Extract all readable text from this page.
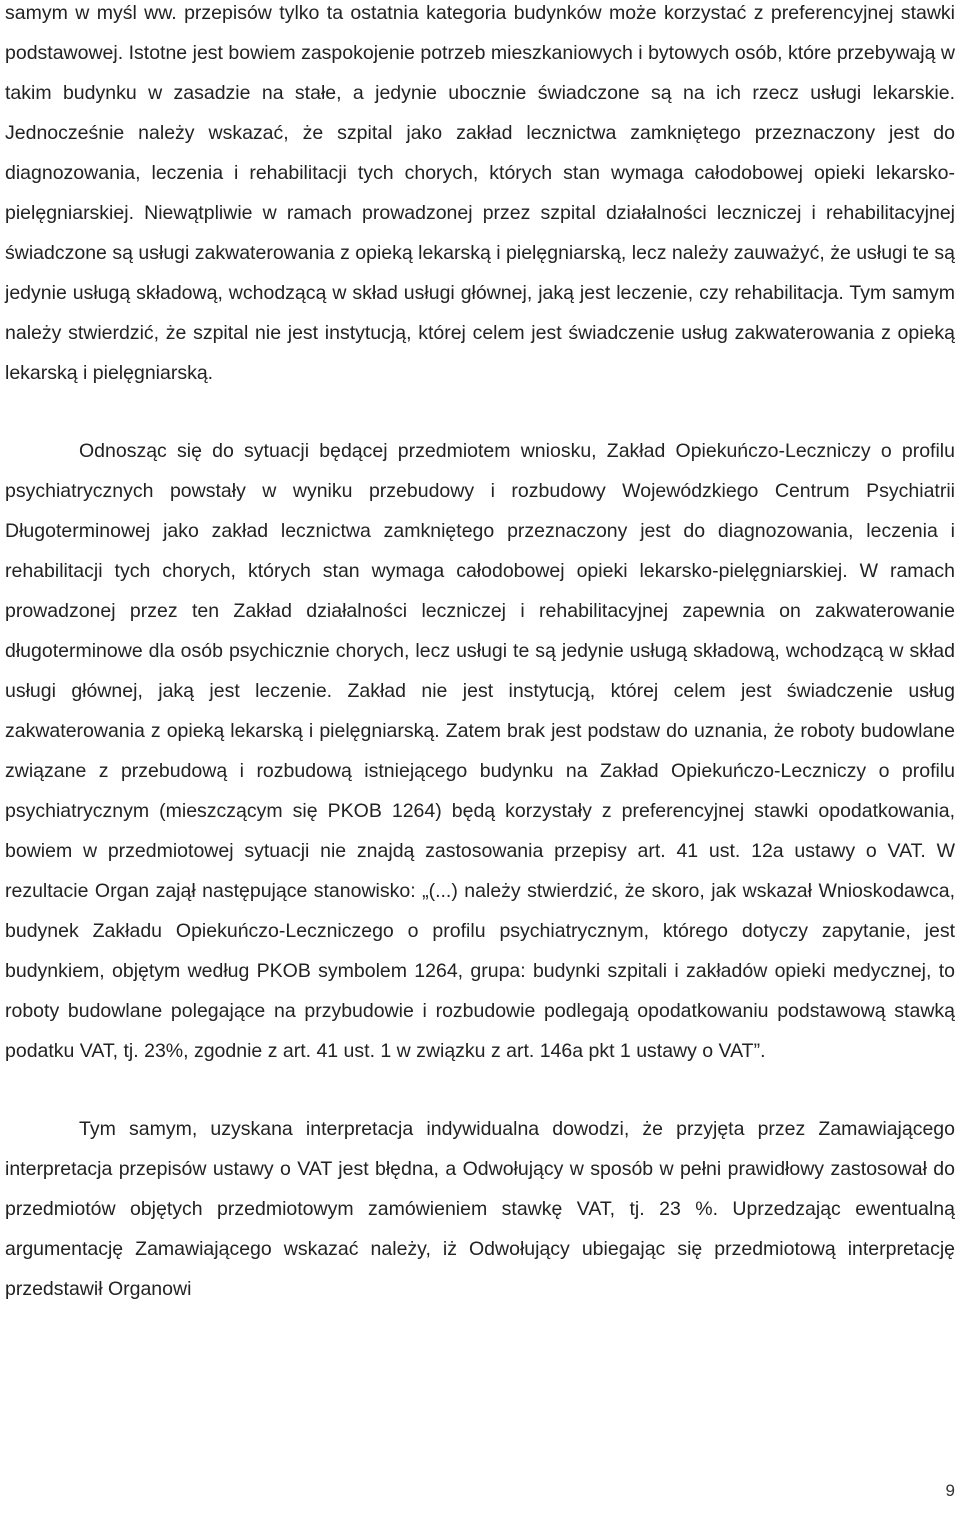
samym w myśl ww. przepisów tylko ta ostatnia kategoria budynków może korzystać z preferencyjnej stawki podstawowej. Istotne jest bowiem zaspokojenie potrzeb mieszkaniowych i bytowych osób, które przebywają w takim budynku w zasadzie na stałe, a jedynie ubocznie świadczone są na ich rzecz usługi lekarskie. Jednocześnie należy wskazać, że szpital jako zakład lecznictwa zamkniętego przeznaczony jest do diagnozowania, leczenia i rehabilitacji tych chorych, których stan wymaga całodobowej opieki lekarsko-pielęgniarskiej. Niewątpliwie w ramach prowadzonej przez szpital działalności leczniczej i rehabilitacyjnej świadczone są usługi zakwaterowania z opieką lekarską i pielęgniarską, lecz należy zauważyć, że usługi te są jedynie usługą składową, wchodzącą w skład usługi głównej, jaką jest leczenie, czy rehabilitacja. Tym samym należy stwierdzić, że szpital nie jest instytucją, której celem jest świadczenie usług zakwaterowania z opieką lekarską i pielęgniarską.

Odnosząc się do sytuacji będącej przedmiotem wniosku, Zakład Opiekuńczo-Leczniczy o profilu psychiatrycznych powstały w wyniku przebudowy i rozbudowy Wojewódzkiego Centrum Psychiatrii Długoterminowej jako zakład lecznictwa zamkniętego przeznaczony jest do diagnozowania, leczenia i rehabilitacji tych chorych, których stan wymaga całodobowej opieki lekarsko-pielęgniarskiej. W ramach prowadzonej przez ten Zakład działalności leczniczej i rehabilitacyjnej zapewnia on zakwaterowanie długoterminowe dla osób psychicznie chorych, lecz usługi te są jedynie usługą składową, wchodzącą w skład usługi głównej, jaką jest leczenie. Zakład nie jest instytucją, której celem jest świadczenie usług zakwaterowania z opieką lekarską i pielęgniarską. Zatem brak jest podstaw do uznania, że roboty budowlane związane z przebudową i rozbudową istniejącego budynku na Zakład Opiekuńczo-Leczniczy o profilu psychiatrycznym (mieszczącym się PKOB 1264) będą korzystały z preferencyjnej stawki opodatkowania, bowiem w przedmiotowej sytuacji nie znajdą zastosowania przepisy art. 41 ust. 12a ustawy o VAT. W rezultacie Organ zajął następujące stanowisko: „(...) należy stwierdzić, że skoro, jak wskazał Wnioskodawca, budynek Zakładu Opiekuńczo-Leczniczego o profilu psychiatrycznym, którego dotyczy zapytanie, jest budynkiem, objętym według PKOB symbolem 1264, grupa: budynki szpitali i zakładów opieki medycznej, to roboty budowlane polegające na przybudowie i rozbudowie podlegają opodatkowaniu podstawową stawką podatku VAT, tj. 23%, zgodnie z art. 41 ust. 1 w związku z art. 146a pkt 1 ustawy o VAT”.

Tym samym, uzyskana interpretacja indywidualna dowodzi, że przyjęta przez Zamawiającego interpretacja przepisów ustawy o VAT jest błędna, a Odwołujący w sposób w pełni prawidłowy zastosował do przedmiotów objętych przedmiotowym zamówieniem stawkę VAT, tj. 23 %. Uprzedzając ewentualną argumentację Zamawiającego wskazać należy, iż Odwołujący ubiegając się przedmiotową interpretację przedstawił Organowi

9
